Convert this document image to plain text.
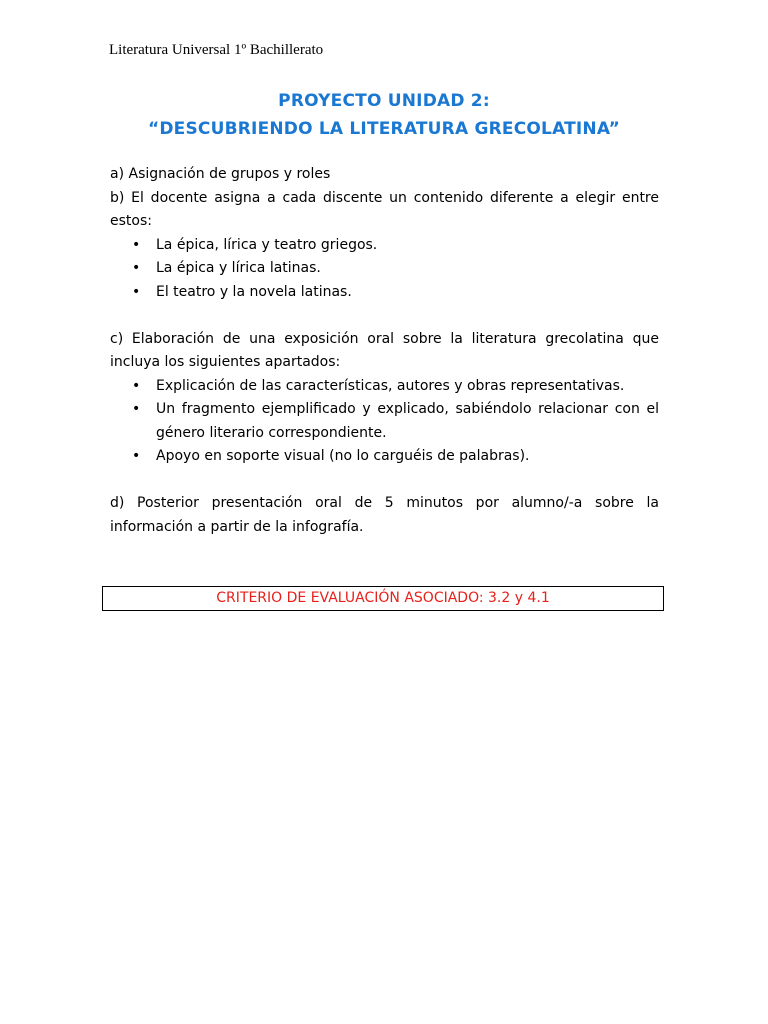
Literatura Universal 1º Bachillerato
PROYECTO UNIDAD 2:
“DESCUBRIENDO LA LITERATURA GRECOLATINA”

a) Asignación de grupos y roles

b) El docente asigna a cada discente un contenido diferente a elegir entre estos:

• La épica, lírica y teatro griegos.
• La épica y lírica latinas.
• El teatro y la novela latinas.

c) Elaboración de una exposición oral sobre la literatura grecolatina que incluya los siguientes apartados:

• Explicación de las características, autores y obras representativas.
• Un fragmento ejemplificado y explicado, sabiéndolo relacionar con el género literario correspondiente.
• Apoyo en soporte visual (no lo carguéis de palabras).

d) Posterior presentación oral de 5 minutos por alumno/-a sobre la información a partir de la infografía.

CRITERIO DE EVALUACIÓN ASOCIADO: 3.2 y 4.1
